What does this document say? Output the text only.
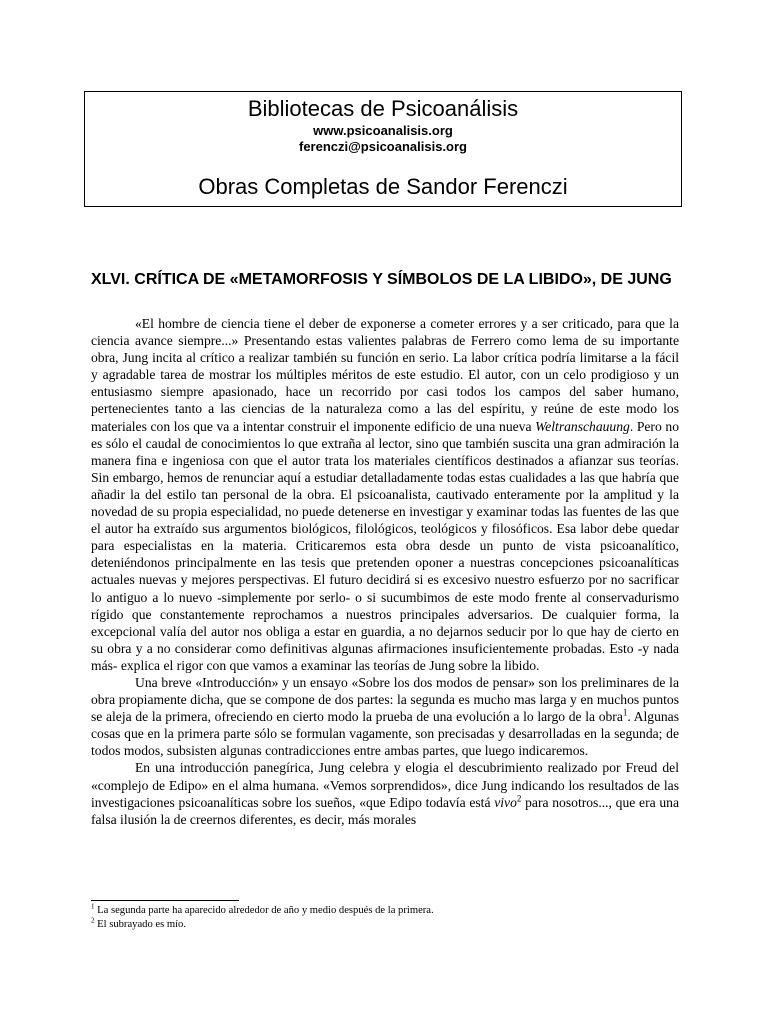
Bibliotecas de Psicoanálisis
www.psicoanalisis.org
ferenczi@psicoanalisis.org
Obras Completas de Sandor Ferenczi
XLVI. CRÍTICA DE «METAMORFOSIS Y SÍMBOLOS DE LA LIBIDO», DE JUNG

«El hombre de ciencia tiene el deber de exponerse a cometer errores y a ser criticado, para que la ciencia avance siempre...» Presentando estas valientes palabras de Ferrero como lema de su importante obra, Jung incita al crítico a realizar también su función en serio. La labor crítica podría limitarse a la fácil y agradable tarea de mostrar los múltiples méritos de este estudio. El autor, con un celo prodigioso y un entusiasmo siempre apasionado, hace un recorrido por casi todos los campos del saber humano, pertenecientes tanto a las ciencias de la naturaleza como a las del espíritu, y reúne de este modo los materiales con los que va a intentar construir el imponente edificio de una nueva Weltranschauung. Pero no es sólo el caudal de conocimientos lo que extraña al lector, sino que también suscita una gran admiración la manera fina e ingeniosa con que el autor trata los materiales científicos destinados a afianzar sus teorías. Sin embargo, hemos de renunciar aquí a estudiar detalladamente todas estas cualidades a las que habría que añadir la del estilo tan personal de la obra. El psicoanalista, cautivado enteramente por la amplitud y la novedad de su propia especialidad, no puede detenerse en investigar y examinar todas las fuentes de las que el autor ha extraído sus argumentos biológicos, filológicos, teológicos y filosóficos. Esa labor debe quedar para especialistas en la materia. Criticaremos esta obra desde un punto de vista psicoanalítico, deteniéndonos principalmente en las tesis que pretenden oponer a nuestras concepciones psicoanalíticas actuales nuevas y mejores perspectivas. El futuro decidirá si es excesivo nuestro esfuerzo por no sacrificar lo antiguo a lo nuevo -simplemente por serlo- o si sucumbimos de este modo frente al conservadurismo rígido que constantemente reprochamos a nuestros principales adversarios. De cualquier forma, la excepcional valía del autor nos obliga a estar en guardia, a no dejarnos seducir por lo que hay de cierto en su obra y a no considerar como definitivas algunas afirmaciones insuficientemente probadas. Esto -y nada más- explica el rigor con que vamos a examinar las teorías de Jung sobre la libido.

Una breve «Introducción» y un ensayo «Sobre los dos modos de pensar» son los preliminares de la obra propiamente dicha, que se compone de dos partes: la segunda es mucho mas larga y en muchos puntos se aleja de la primera, ofreciendo en cierto modo la prueba de una evolución a lo largo de la obra$^1$. Algunas cosas que en la primera parte sólo se formulan vagamente, son precisadas y desarrolladas en la segunda; de todos modos, subsisten algunas contradicciones entre ambas partes, que luego indicaremos.

En una introducción panegírica, Jung celebra y elogia el descubrimiento realizado por Freud del «complejo de Edipo» en el alma humana. «Vemos sorprendidos», dice Jung indicando los resultados de las investigaciones psicoanalíticas sobre los sueños, «que Edipo todavía está vivo$^2$ para nosotros..., que era una falsa ilusión la de creernos diferentes, es decir, más morales

$^1$ La segunda parte ha aparecido alrededor de año y medio después de la primera.
$^2$ El subrayado es mío.
